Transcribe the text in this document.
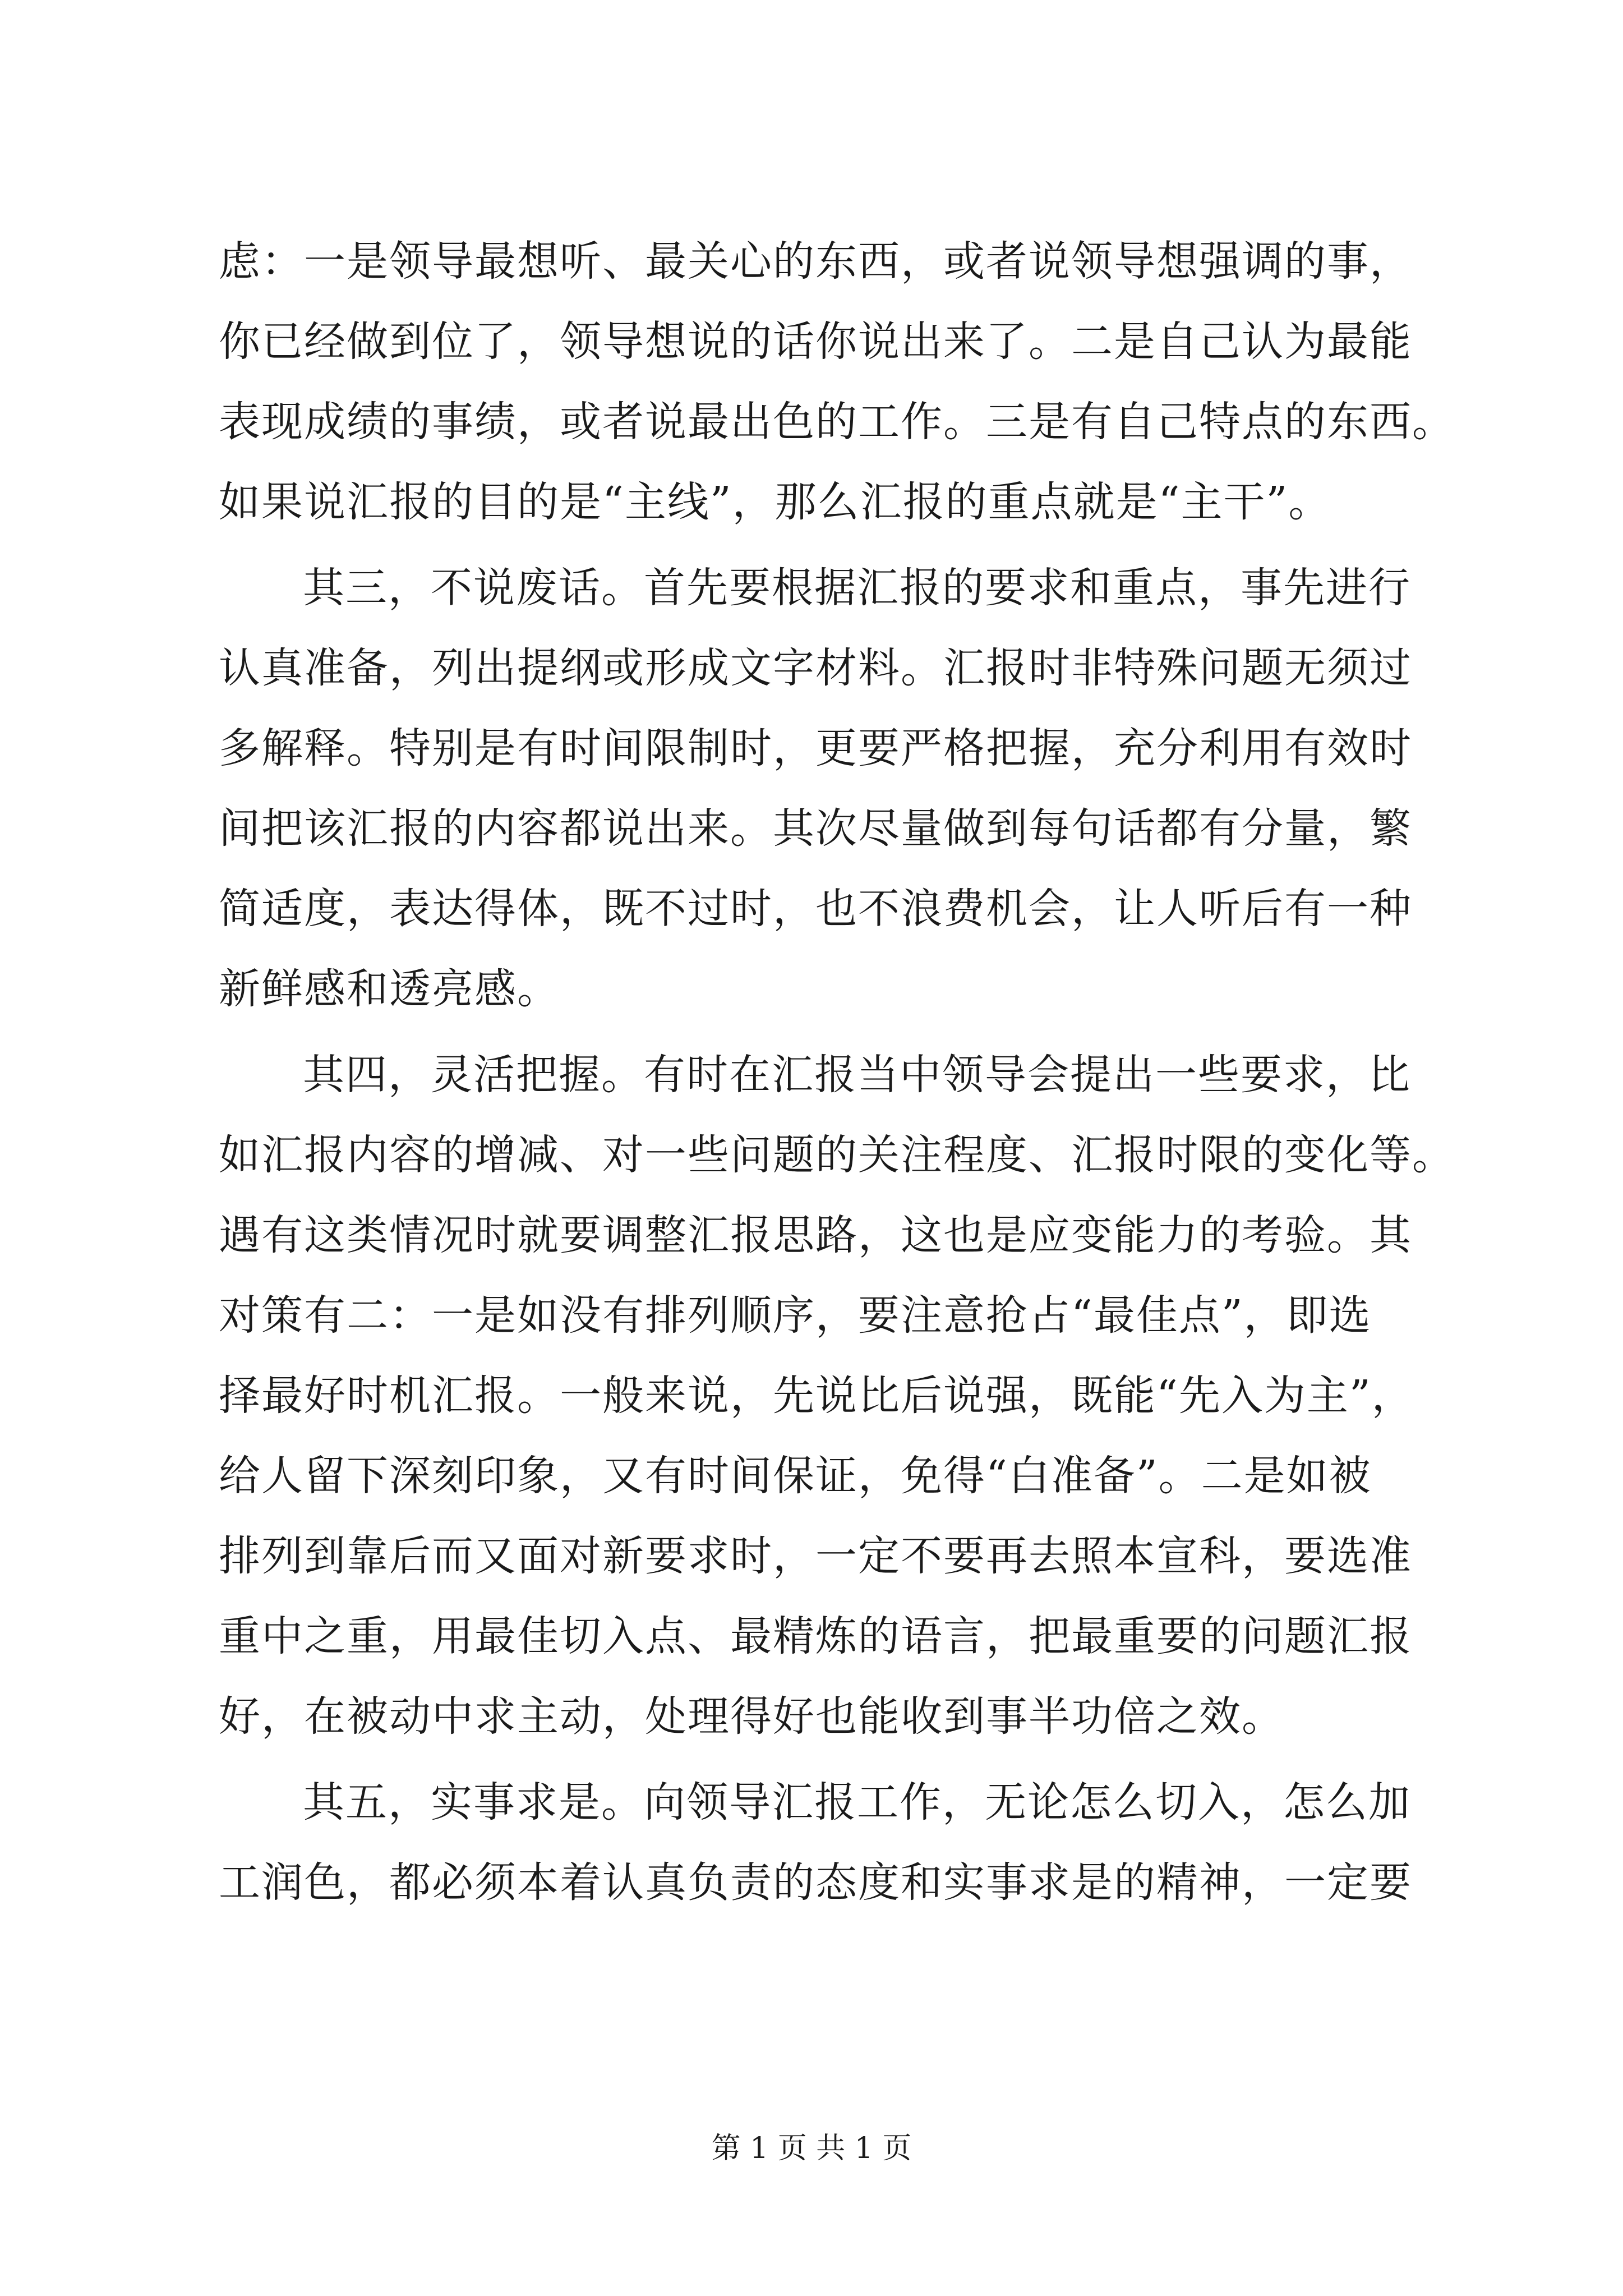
虑：一是领导最想听、最关心的东西，或者说领导想强调的事，
你已经做到位了，领导想说的话你说出来了。二是自己认为最能
表现成绩的事绩，或者说最出色的工作。三是有自己特点的东西。
如果说汇报的目的是“主线”，那么汇报的重点就是“主干”。
其三，不说废话。首先要根据汇报的要求和重点，事先进行
认真准备，列出提纲或形成文字材料。汇报时非特殊问题无须过
多解释。特别是有时间限制时，更要严格把握，充分利用有效时
间把该汇报的内容都说出来。其次尽量做到每句话都有分量，繁
简适度，表达得体，既不过时，也不浪费机会，让人听后有一种
新鲜感和透亮感。
其四，灵活把握。有时在汇报当中领导会提出一些要求，比
如汇报内容的增减、对一些问题的关注程度、汇报时限的变化等。
遇有这类情况时就要调整汇报思路，这也是应变能力的考验。其
对策有二：一是如没有排列顺序，要注意抢占“最佳点”，即选
择最好时机汇报。一般来说，先说比后说强，既能“先入为主”，
给人留下深刻印象，又有时间保证，免得“白准备”。二是如被
排列到靠后而又面对新要求时，一定不要再去照本宣科，要选准
重中之重，用最佳切入点、最精炼的语言，把最重要的问题汇报
好，在被动中求主动，处理得好也能收到事半功倍之效。
其五，实事求是。向领导汇报工作，无论怎么切入，怎么加
工润色，都必须本着认真负责的态度和实事求是的精神，一定要
第 1 页 共 1 页
